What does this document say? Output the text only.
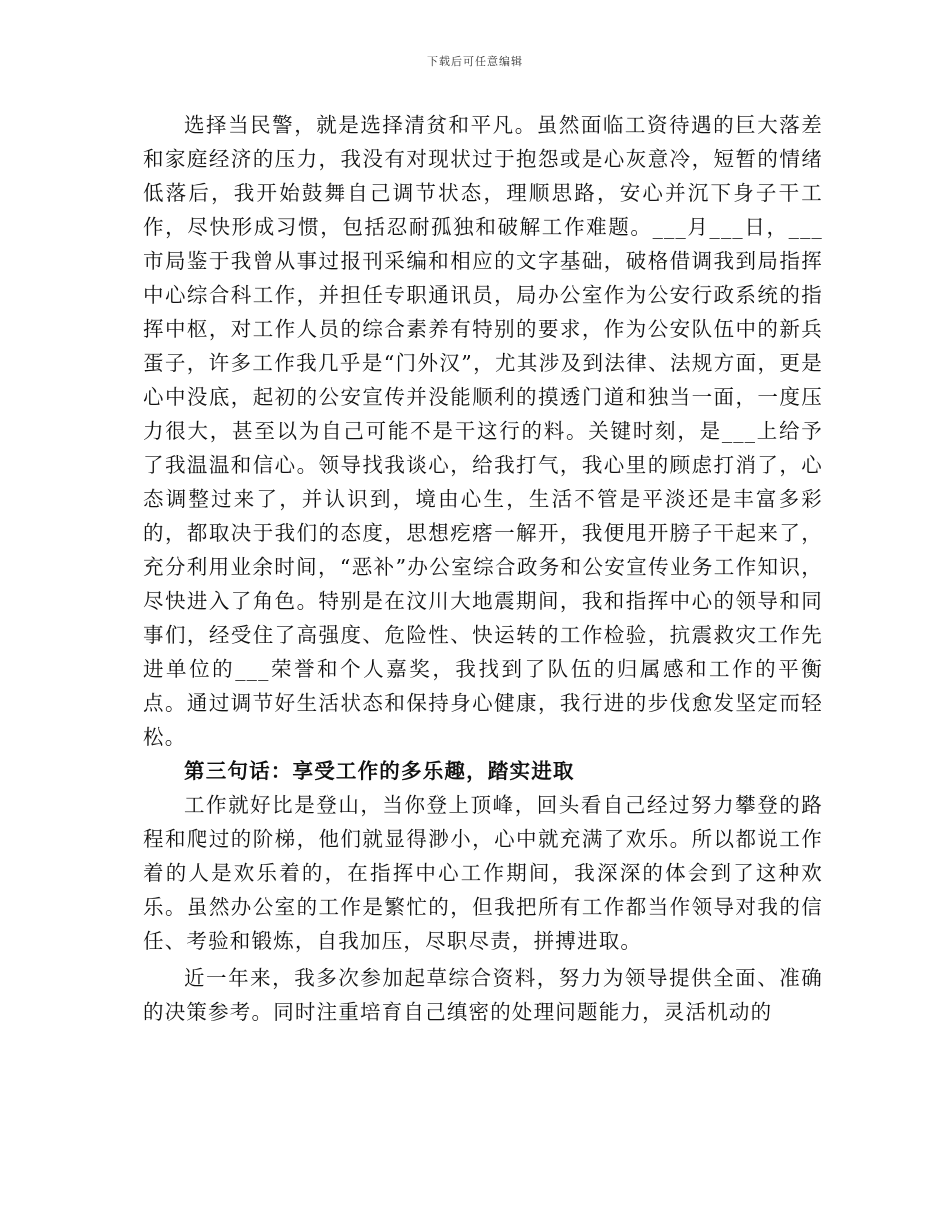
下载后可任意编辑

选择当民警，就是选择清贫和平凡。虽然面临工资待遇的巨大落差和家庭经济的压力，我没有对现状过于抱怨或是心灰意冷，短暂的情绪低落后，我开始鼓舞自己调节状态，理顺思路，安心并沉下身子干工作，尽快形成习惯，包括忍耐孤独和破解工作难题。___月___日，___市局鉴于我曾从事过报刊采编和相应的文字基础，破格借调我到局指挥中心综合科工作，并担任专职通讯员，局办公室作为公安行政系统的指挥中枢，对工作人员的综合素养有特别的要求，作为公安队伍中的新兵蛋子，许多工作我几乎是“门外汉”，尤其涉及到法律、法规方面，更是心中没底，起初的公安宣传并没能顺利的摸透门道和独当一面，一度压力很大，甚至以为自己可能不是干这行的料。关键时刻，是___上给予了我温温和信心。领导找我谈心，给我打气，我心里的顾虑打消了，心态调整过来了，并认识到，境由心生，生活不管是平淡还是丰富多彩的，都取决于我们的态度，思想疙瘩一解开，我便甩开膀子干起来了，充分利用业余时间，“恶补”办公室综合政务和公安宣传业务工作知识，尽快进入了角色。特别是在汶川大地震期间，我和指挥中心的领导和同事们，经受住了高强度、危险性、快运转的工作检验，抗震救灾工作先进单位的___荣誉和个人嘉奖，我找到了队伍的归属感和工作的平衡点。通过调节好生活状态和保持身心健康，我行进的步伐愈发坚定而轻松。

第三句话：享受工作的多乐趣，踏实进取

工作就好比是登山，当你登上顶峰，回头看自己经过努力攀登的路程和爬过的阶梯，他们就显得渺小，心中就充满了欢乐。所以都说工作着的人是欢乐着的，在指挥中心工作期间，我深深的体会到了这种欢乐。虽然办公室的工作是繁忙的，但我把所有工作都当作领导对我的信任、考验和锻炼，自我加压，尽职尽责，拼搏进取。

近一年来，我多次参加起草综合资料，努力为领导提供全面、准确的决策参考。同时注重培育自己缜密的处理问题能力，灵活机动的
